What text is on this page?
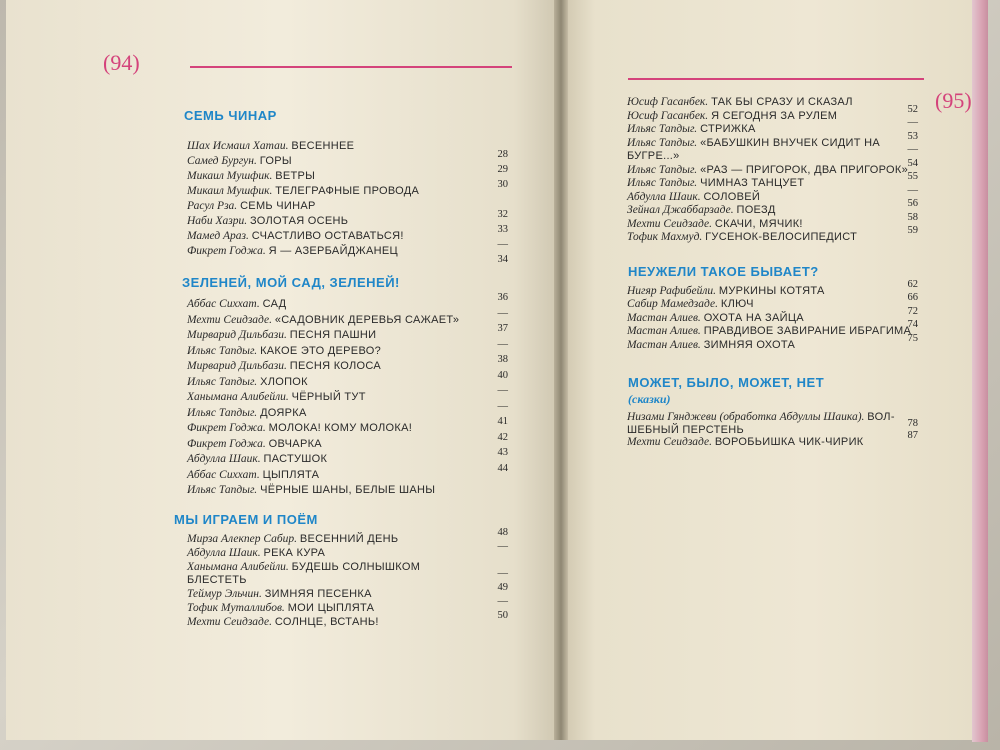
(94)
(95)
СЕМЬ ЧИНАР
Шах Исмаил Хатаи. ВЕСЕННЕЕ
Самед Бургун. ГОРЫ
28
Микаил Мушфик. ВЕТРЫ
29
Микаил Мушфик. ТЕЛЕГРАФНЫЕ ПРОВОДА
30
Расул Рза. СЕМЬ ЧИНАР
Наби Хазри. ЗОЛОТАЯ ОСЕНЬ
32
Мамед Араз. СЧАСТЛИВО ОСТАВАТЬСЯ!
33
Фикрет Годжа. Я — АЗЕРБАЙДЖАНЕЦ
—
34
ЗЕЛЕНЕЙ, МОЙ САД, ЗЕЛЕНЕЙ!
Аббас Сиххат. САД
36
Мехти Сеидзаде. «САДОВНИК ДЕРЕВЬЯ САЖАЕТ»
—
Мирварид Дильбази. ПЕСНЯ ПАШНИ
37
Ильяс Тапдыг. КАКОЕ ЭТО ДЕРЕВО?
—
Мирварид Дильбази. ПЕСНЯ КОЛОСА
38
Ильяс Тапдыг. ХЛОПОК
40
Ханымана Алибейли. ЧЁРНЫЙ ТУТ
—
Ильяс Тапдыг. ДОЯРКА
—
Фикрет Годжа. МОЛОКА! КОМУ МОЛОКА!
41
Фикрет Годжа. ОВЧАРКА
42
Абдулла Шаик. ПАСТУШОК
43
Аббас Сиххат. ЦЫПЛЯТА
44
Ильяс Тапдыг. ЧЁРНЫЕ ШАНЫ, БЕЛЫЕ ШАНЫ
МЫ ИГРАЕМ И ПОЁМ
Мирза Алекпер Сабир. ВЕСЕННИЙ ДЕНЬ
48
Абдулла Шаик. РЕКА КУРА
—
Ханымана Алибейли. БУДЕШЬ СОЛНЫШКОМ
БЛЕСТЕТЬ
—
Теймур Эльчин. ЗИМНЯЯ ПЕСЕНКА
49
Тофик Муталлибов. МОИ ЦЫПЛЯТА
—
Мехти Сеидзаде. СОЛНЦЕ, ВСТАНЬ!
50
Юсиф Гасанбек. ТАК БЫ СРАЗУ И СКАЗАЛ
Юсиф Гасанбек. Я СЕГОДНЯ ЗА РУЛЕМ
52
Ильяс Тапдыг. СТРИЖКА
—
Ильяс Тапдыг. «БАБУШКИН ВНУЧЕК СИДИТ НА
53
БУГРЕ...»
—
Ильяс Тапдыг. «РАЗ — ПРИГОРОК, ДВА ПРИГОРОК»
54
Ильяс Тапдыг. ЧИМНАЗ ТАНЦУЕТ
55
Абдулла Шаик. СОЛОВЕЙ
—
Зейнал Джаббарзаде. ПОЕЗД
56
Мехти Сеидзаде. СКАЧИ, МЯЧИК!
58
Тофик Махмуд. ГУСЕНОК-ВЕЛОСИПЕДИСТ
59
НЕУЖЕЛИ ТАКОЕ БЫВАЕТ?
Нигяр Рафибейли. МУРКИНЫ КОТЯТА
62
Сабир Мамедзаде. КЛЮЧ
66
Мастан Алиев. ОХОТА НА ЗАЙЦА
72
Мастан Алиев. ПРАВДИВОЕ ЗАВИРАНИЕ ИБРАГИМА
74
Мастан Алиев. ЗИМНЯЯ ОХОТА
75
МОЖЕТ, БЫЛО, МОЖЕТ, НЕТ
(сказки)
Низами Гянджеви (обработка Абдуллы Шаика). ВОЛ-
ШЕБНЫЙ ПЕРСТЕНЬ
78
Мехти Сеидзаде. ВОРОБЬИШКА ЧИК-ЧИРИК
87
